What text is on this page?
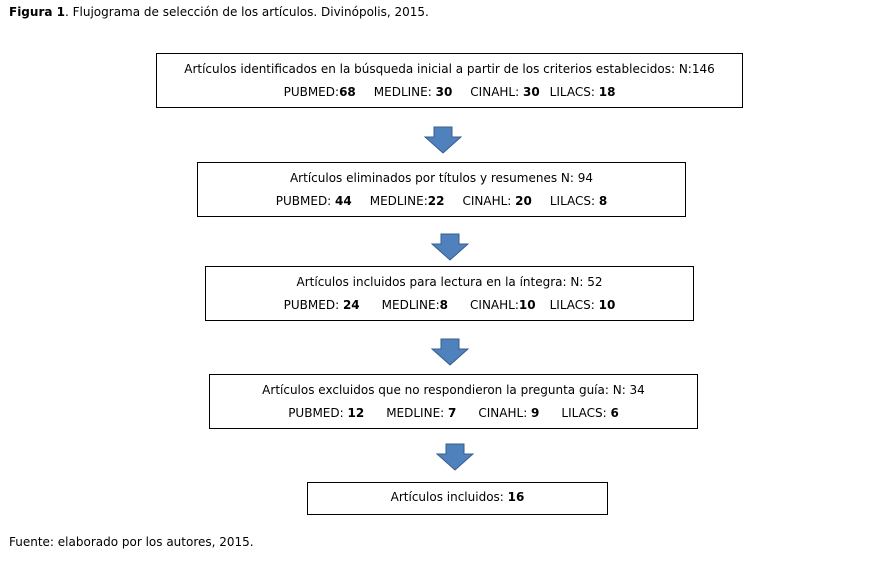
Figura 1. Flujograma de selección de los artículos. Divinópolis, 2015.
Artículos identificados en la búsqueda inicial a partir de los criterios establecidos: N:146
PUBMED:68 MEDLINE: 30 CINAHL: 30 LILACS: 18
Artículos eliminados por títulos y resumenes N: 94
PUBMED: 44 MEDLINE:22 CINAHL: 20 LILACS: 8
Artículos incluidos para lectura en la íntegra: N: 52
PUBMED: 24 MEDLINE:8 CINAHL:10 LILACS: 10
Artículos excluidos que no respondieron la pregunta guía: N: 34
PUBMED: 12 MEDLINE: 7 CINAHL: 9 LILACS: 6
Artículos incluidos: 16
Fuente: elaborado por los autores, 2015.
